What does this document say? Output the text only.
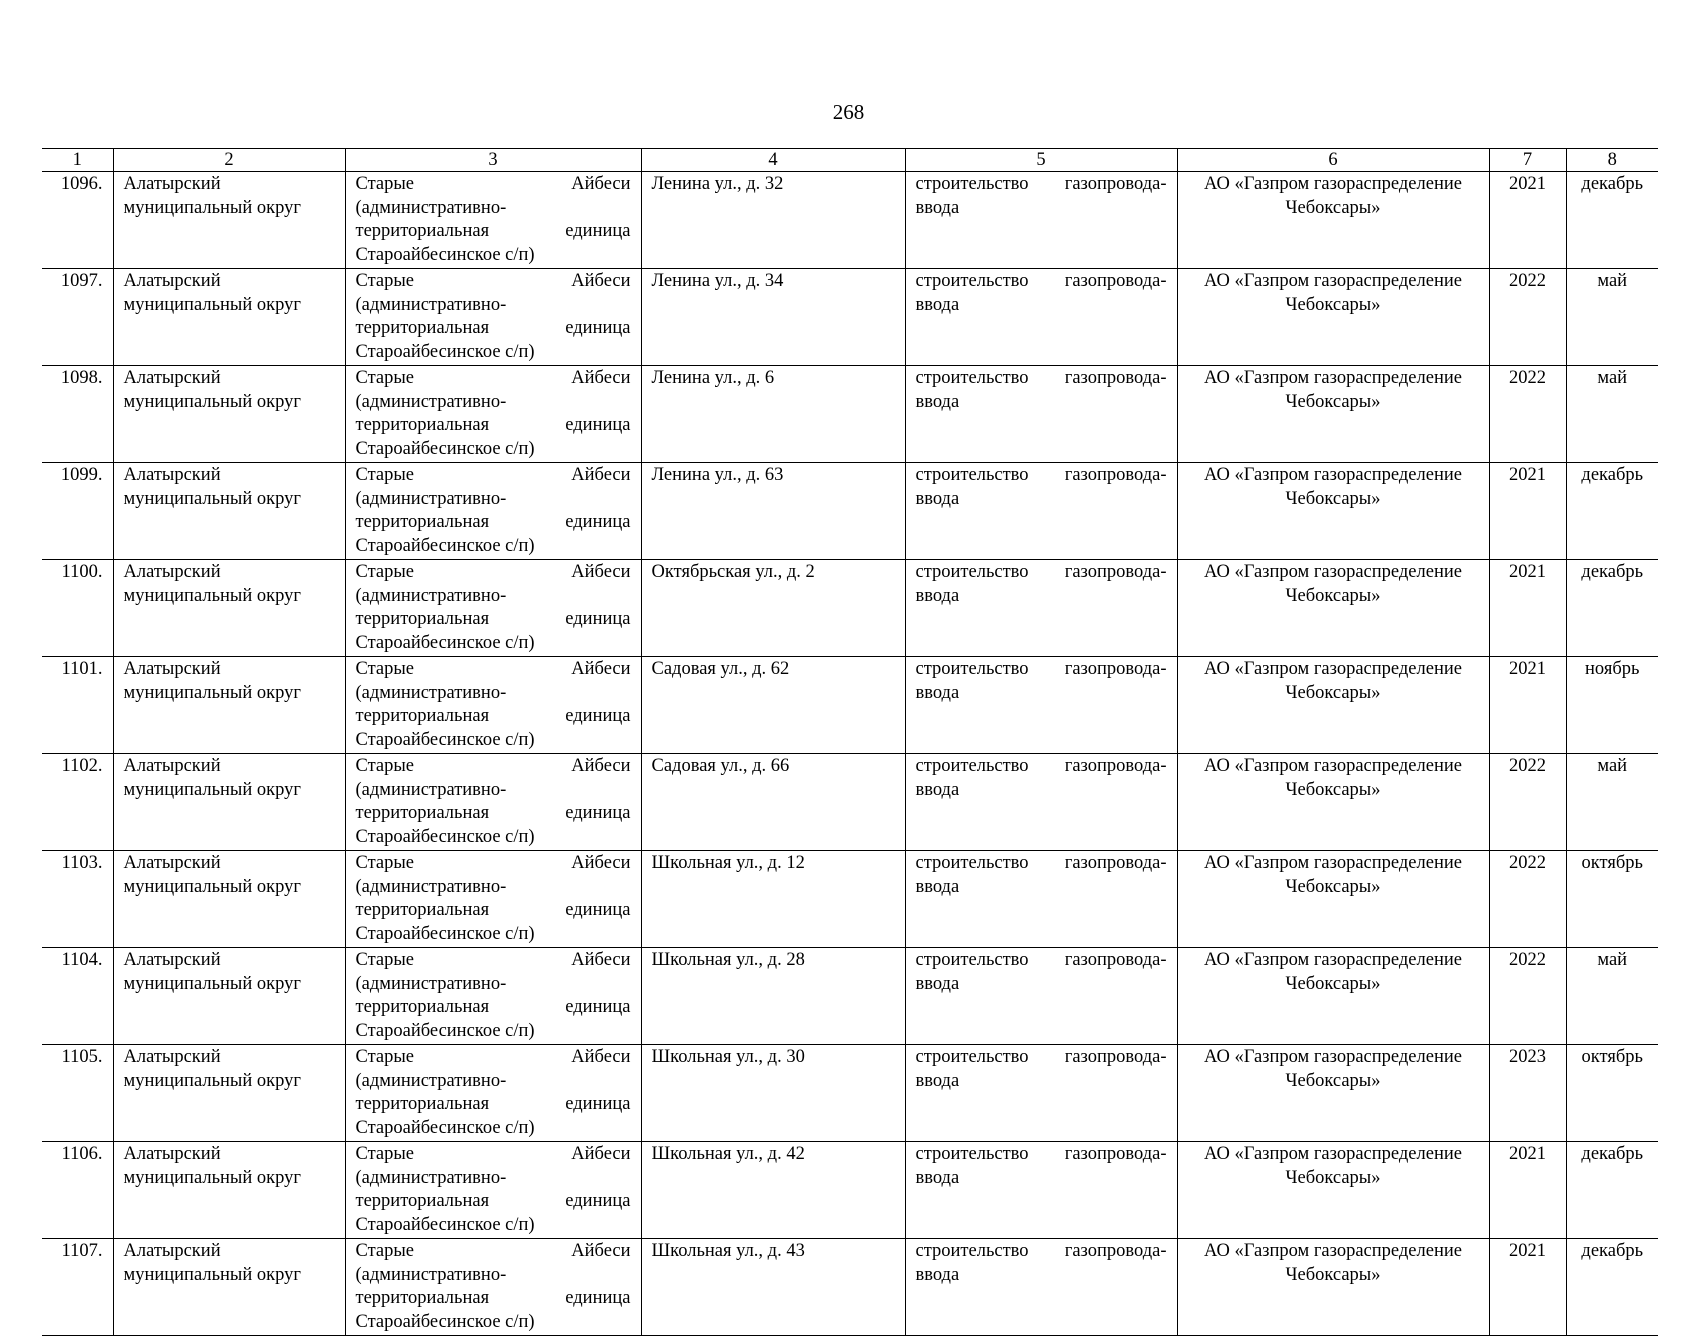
268
1	2	3	4	5	6	7	8
1096.	Алатырский муниципальный округ	Старые Айбеси (административно-территориальная единица Староайбесинское с/п)	Ленина ул., д. 32	строительство газопровода-ввода	АО «Газпром газораспределение Чебоксары»	2021	декабрь
1097.	Алатырский муниципальный округ	Старые Айбеси (административно-территориальная единица Староайбесинское с/п)	Ленина ул., д. 34	строительство газопровода-ввода	АО «Газпром газораспределение Чебоксары»	2022	май
1098.	Алатырский муниципальный округ	Старые Айбеси (административно-территориальная единица Староайбесинское с/п)	Ленина ул., д. 6	строительство газопровода-ввода	АО «Газпром газораспределение Чебоксары»	2022	май
1099.	Алатырский муниципальный округ	Старые Айбеси (административно-территориальная единица Староайбесинское с/п)	Ленина ул., д. 63	строительство газопровода-ввода	АО «Газпром газораспределение Чебоксары»	2021	декабрь
1100.	Алатырский муниципальный округ	Старые Айбеси (административно-территориальная единица Староайбесинское с/п)	Октябрьская ул., д. 2	строительство газопровода-ввода	АО «Газпром газораспределение Чебоксары»	2021	декабрь
1101.	Алатырский муниципальный округ	Старые Айбеси (административно-территориальная единица Староайбесинское с/п)	Садовая ул., д. 62	строительство газопровода-ввода	АО «Газпром газораспределение Чебоксары»	2021	ноябрь
1102.	Алатырский муниципальный округ	Старые Айбеси (административно-территориальная единица Староайбесинское с/п)	Садовая ул., д. 66	строительство газопровода-ввода	АО «Газпром газораспределение Чебоксары»	2022	май
1103.	Алатырский муниципальный округ	Старые Айбеси (административно-территориальная единица Староайбесинское с/п)	Школьная ул., д. 12	строительство газопровода-ввода	АО «Газпром газораспределение Чебоксары»	2022	октябрь
1104.	Алатырский муниципальный округ	Старые Айбеси (административно-территориальная единица Староайбесинское с/п)	Школьная ул., д. 28	строительство газопровода-ввода	АО «Газпром газораспределение Чебоксары»	2022	май
1105.	Алатырский муниципальный округ	Старые Айбеси (административно-территориальная единица Староайбесинское с/п)	Школьная ул., д. 30	строительство газопровода-ввода	АО «Газпром газораспределение Чебоксары»	2023	октябрь
1106.	Алатырский муниципальный округ	Старые Айбеси (административно-территориальная единица Староайбесинское с/п)	Школьная ул., д. 42	строительство газопровода-ввода	АО «Газпром газораспределение Чебоксары»	2021	декабрь
1107.	Алатырский муниципальный округ	Старые Айбеси (административно-территориальная единица Староайбесинское с/п)	Школьная ул., д. 43	строительство газопровода-ввода	АО «Газпром газораспределение Чебоксары»	2021	декабрь
